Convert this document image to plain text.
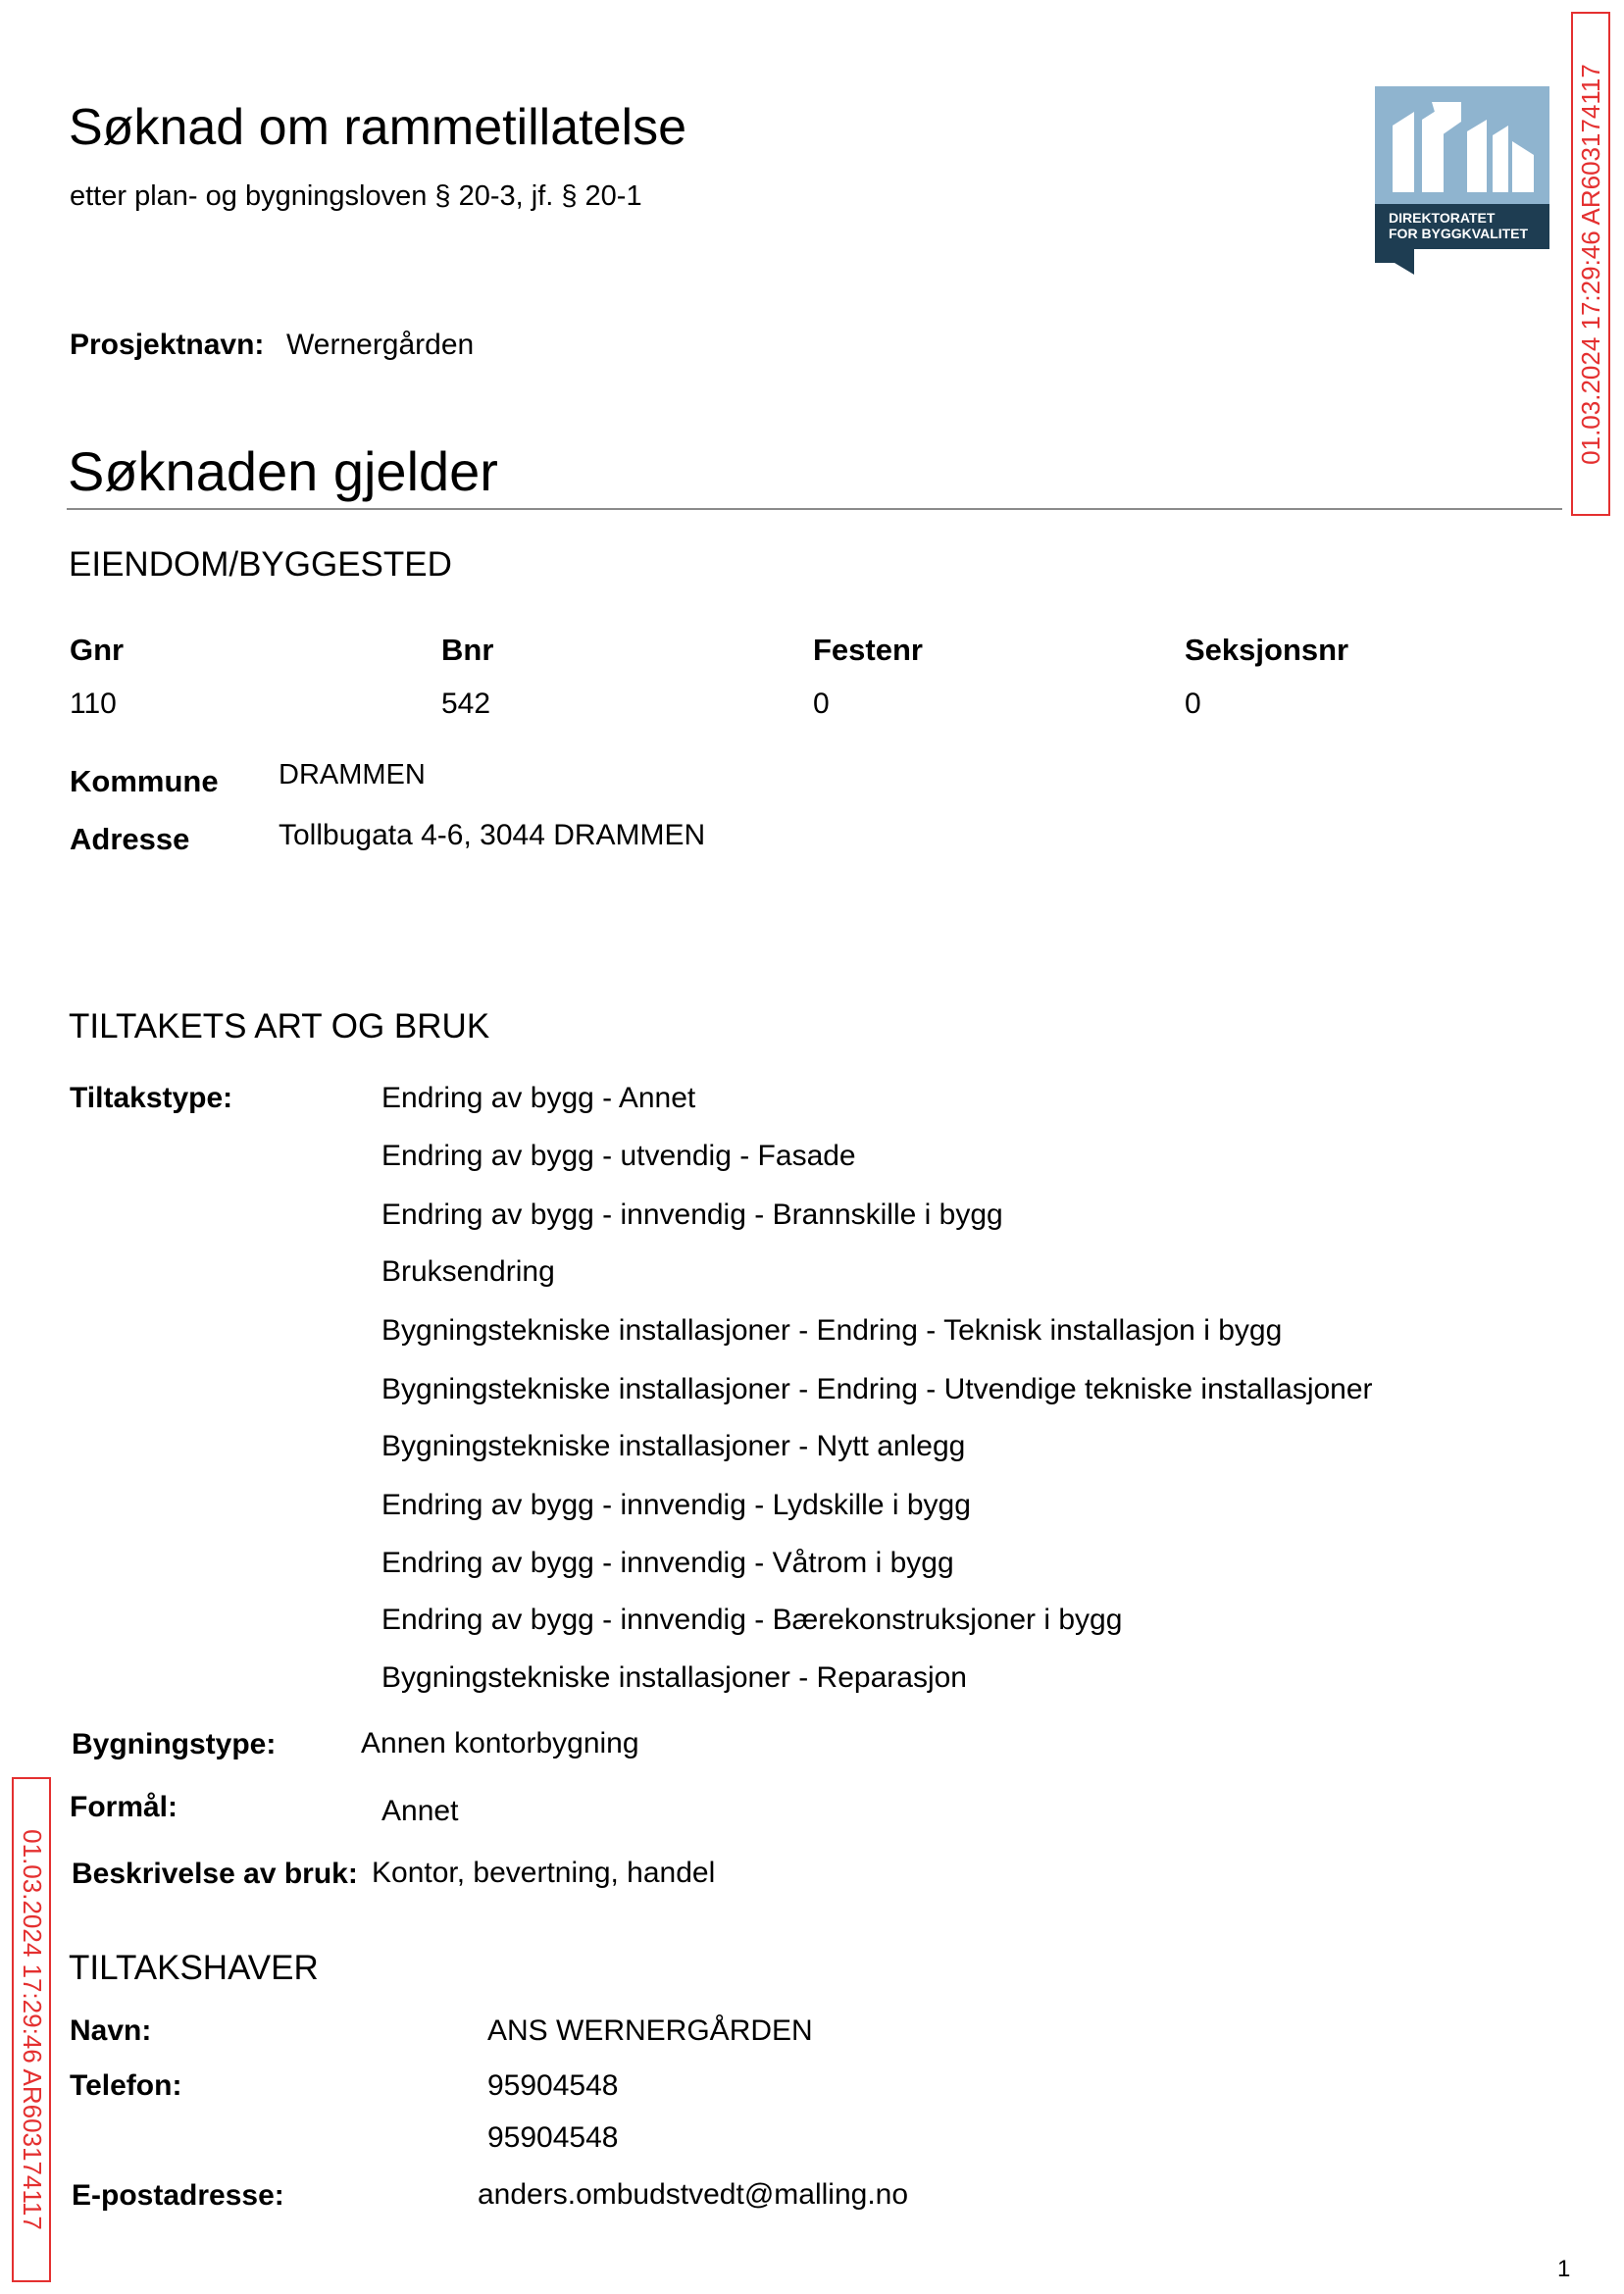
Søknad om rammetillatelse
etter plan- og bygningsloven § 20-3, jf. § 20-1
Prosjektnavn: Wernergården
DIREKTORATET
FOR BYGGKVALITET
Søknaden gjelder
EIENDOM/BYGGESTED
Gnr	Bnr	Festenr	Seksjonsnr
110	542	0	0
Kommune DRAMMEN
Adresse	Tollbugata 4-6, 3044 DRAMMEN
TILTAKETS ART OG BRUK
Tiltakstype:	Endring av bygg - Annet
Endring av bygg - utvendig - Fasade
Endring av bygg - innvendig - Brannskille i bygg
Bruksendring
Bygningstekniske installasjoner - Endring - Teknisk installasjon i bygg
Bygningstekniske installasjoner - Endring - Utvendige tekniske installasjoner
Bygningstekniske installasjoner - Nytt anlegg
Endring av bygg - innvendig - Lydskille i bygg
Endring av bygg - innvendig - Våtrom i bygg
Endring av bygg - innvendig - Bærekonstruksjoner i bygg
Bygningstekniske installasjoner - Reparasjon
Bygningstype:	Annen kontorbygning
Formål:	Annet
Beskrivelse av bruk: Kontor, bevertning, handel
TILTAKSHAVER
Navn:	ANS WERNERGÅRDEN
Telefon:	95904548
95904548
E-postadresse:	anders.ombudstvedt@malling.no
01.03.2024 17:29:46 AR603174117
01.03.2024 17:29:46 AR603174117
1
